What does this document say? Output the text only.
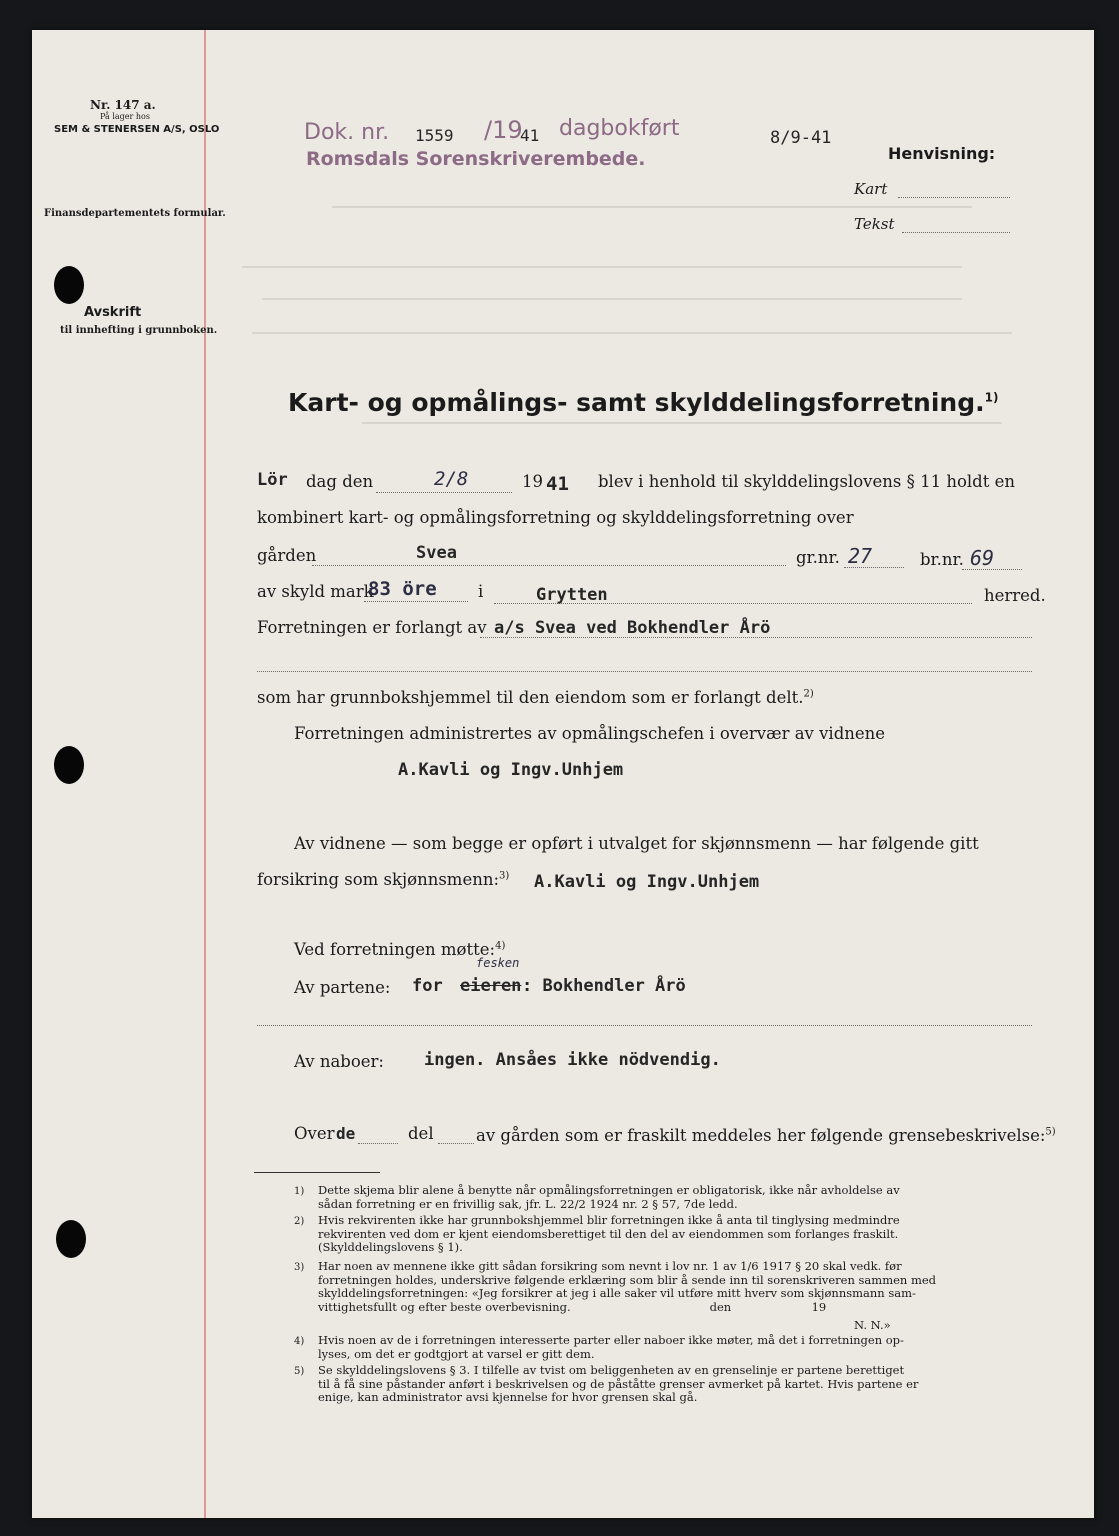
Nr. 147 a.
På lager hos
SEM & STENERSEN A/S, OSLO
Finansdepartementets formular.
Avskrift
til innhefting i grunnboken.
Dok. nr. 1559 /19
41 dagbokført	8/9-41
Romsdals Sorenskriverembede.	Henvisning:
Kart
Tekst
Kart- og opmålings- samt skylddelingsforretning.$^{1)}$
Lör dag den	2/8	19 41 blev i henhold til skylddelingslovens § 11 holdt en
kombinert kart- og opmålingsforretning og skylddelingsforretning over
gården	Svea	gr.nr. 27	br.nr. 69
av skyld mark
83 öre	i	Grytten	herred.
Forretningen er forlangt av a/s Svea ved Bokhendler Årö
som har grunnbokshjemmel til den eiendom som er forlangt delt.$^{2)}$
Forretningen administrertes av opmålingschefen i overvær av vidnene
A.Kavli og Ingv.Unhjem
Av vidnene — som begge er opført i utvalget for skjønnsmenn — har følgende gitt
forsikring som skjønnsmenn:$^{3)}$ A.Kavli og Ingv.Unhjem
Ved forretningen møtte:$^{4)}$
Av partene: for eieren
fesken
: Bokhendler Årö
Av naboer: ingen. Ansåes ikke nödvendig.
Over de	del	av gården som er fraskilt meddeles her følgende grensebeskrivelse:$^{5)}$
1) Dette skjema blir alene å benytte når opmålingsforretningen er obligatorisk, ikke når avholdelse av
sådan forretning er en frivillig sak, jfr. L. 22/2 1924 nr. 2 § 57, 7de ledd.
2) Hvis rekvirenten ikke har grunnbokshjemmel blir forretningen ikke å anta til tinglysing medmindre
rekvirenten ved dom er kjent eiendomsberettiget til den del av eiendommen som forlanges fraskilt.
(Skylddelingslovens § 1).
3) Har noen av mennene ikke gitt sådan forsikring som nevnt i lov nr. 1 av 1/6 1917 § 20 skal vedk. før
forretningen holdes, underskrive følgende erklæring som blir å sende inn til sorenskriveren sammen med
skylddelingsforretningen: «Jeg forsikrer at jeg i alle saker vil utføre mitt hverv som skjønnsmann sam-
vittighetsfullt og efter beste overbevisning.                                      den                      19
N. N.»
4) Hvis noen av de i forretningen interesserte parter eller naboer ikke møter, må det i forretningen op-
lyses, om det er godtgjort at varsel er gitt dem.
5) Se skylddelingslovens § 3. I tilfelle av tvist om beliggenheten av en grenselinje er partene berettiget
til å få sine påstander anført i beskrivelsen og de påståtte grenser avmerket på kartet. Hvis partene er
enige, kan administrator avsi kjennelse for hvor grensen skal gå.
